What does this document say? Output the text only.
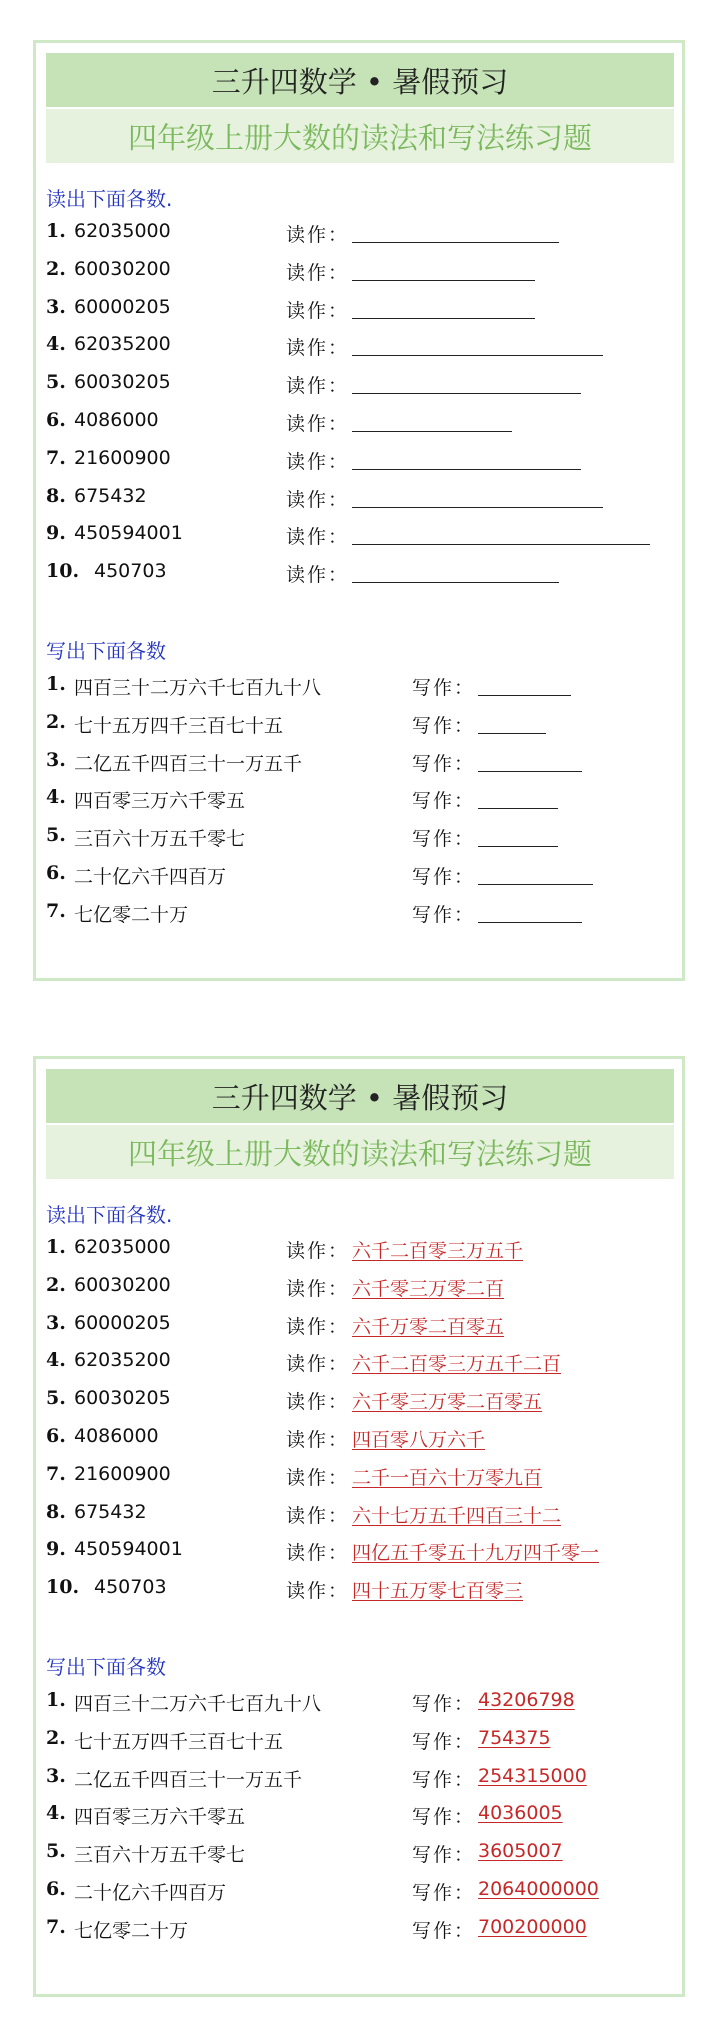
三升四数学 • 暑假预习
四年级上册大数的读法和写法练习题
读出下面各数.
写出下面各数
1. 62035000	读作：
2. 60030200	读作：
3. 60000205	读作：
4. 62035200	读作：
5. 60030205	读作：
6. 4086000	读作：
7. 21600900	读作：
8. 675432	读作：
9. 450594001	读作：
10. 450703	读作：
1. 四百三十二万六千七百九十八	写作：
2. 七十五万四千三百七十五	写作：
3. 二亿五千四百三十一万五千	写作：
4. 四百零三万六千零五	写作：
5. 三百六十万五千零七	写作：
6. 二十亿六千四百万	写作：
7. 七亿零二十万	写作：
三升四数学 • 暑假预习
四年级上册大数的读法和写法练习题
读出下面各数.
写出下面各数
1. 62035000	读作： 六千二百零三万五千
2. 60030200	读作： 六千零三万零二百
3. 60000205	读作： 六千万零二百零五
4. 62035200	读作： 六千二百零三万五千二百
5. 60030205	读作： 六千零三万零二百零五
6. 4086000	读作： 四百零八万六千
7. 21600900	读作： 二千一百六十万零九百
8. 675432	读作： 六十七万五千四百三十二
9. 450594001	读作： 四亿五千零五十九万四千零一
10. 450703	读作： 四十五万零七百零三
1. 四百三十二万六千七百九十八	写作： 43206798
2. 七十五万四千三百七十五	写作： 754375
3. 二亿五千四百三十一万五千	写作： 254315000
4. 四百零三万六千零五	写作： 4036005
5. 三百六十万五千零七	写作： 3605007
6. 二十亿六千四百万	写作： 2064000000
7. 七亿零二十万	写作： 700200000
